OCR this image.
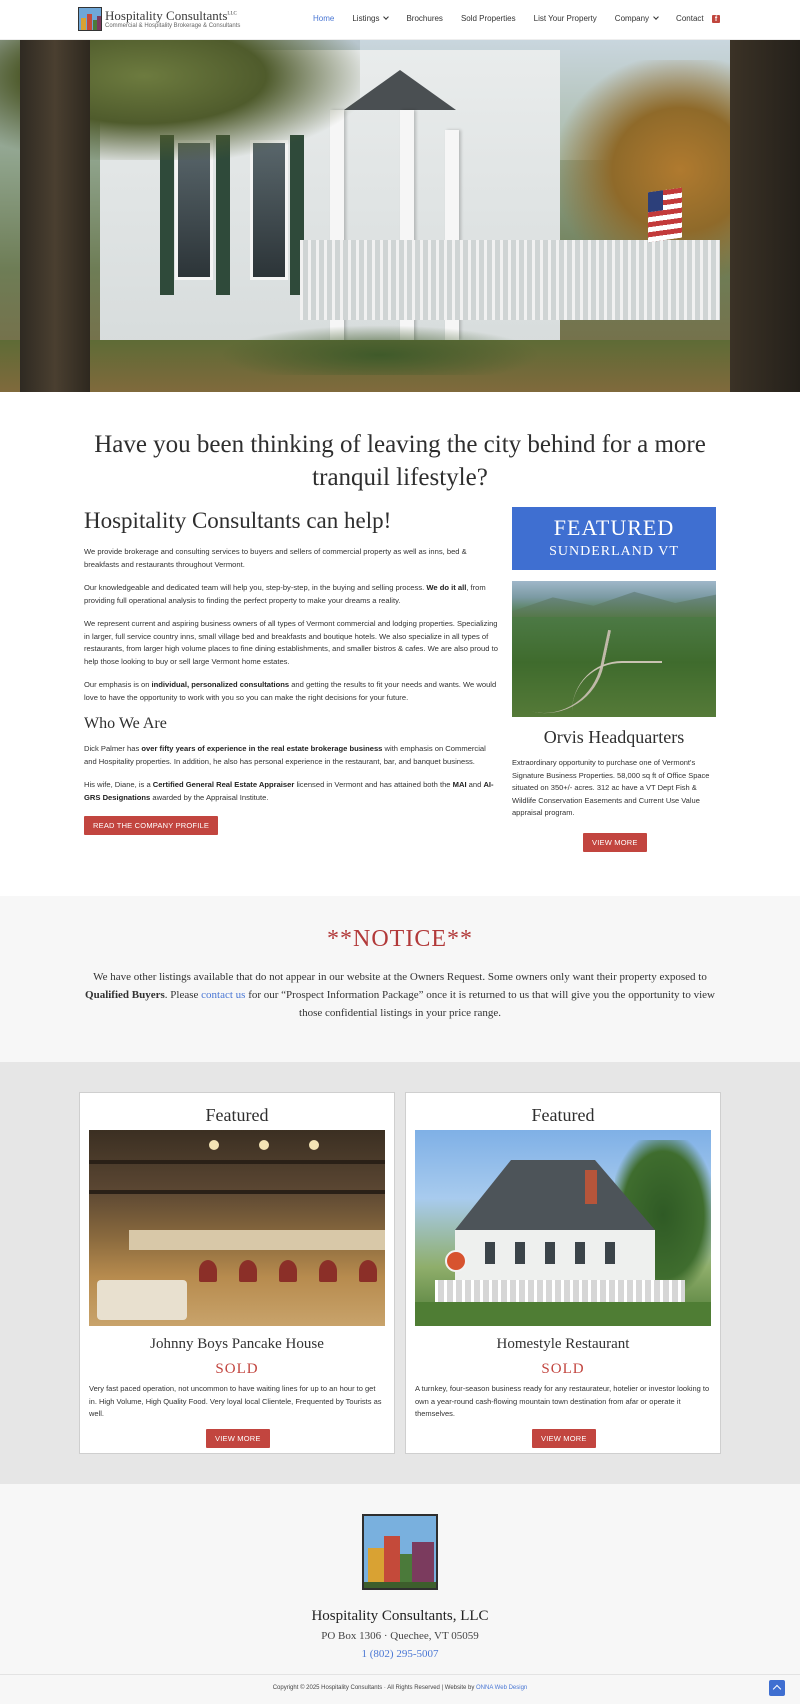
Hospitality Consultants$^{LLC}$
Commercial & Hospitality Brokerage & Consultants
Home Listings	Brochures Sold Properties List Your Property Company	Contact	f
Have you been thinking of leaving the city behind for a more tranquil lifestyle?
Hospitality Consultants can help!

We provide brokerage and consulting services to buyers and sellers of commercial property as well as inns, bed & breakfasts and restaurants throughout Vermont.

Our knowledgeable and dedicated team will help you, step-by-step, in the buying and selling process. We do it all, from providing full operational analysis to finding the perfect property to make your dreams a reality.

We represent current and aspiring business owners of all types of Vermont commercial and lodging properties. Specializing in larger, full service country inns, small village bed and breakfasts and boutique hotels. We also specialize in all types of restaurants, from larger high volume places to fine dining establishments, and smaller bistros & cafes. We are also proud to help those looking to buy or sell large Vermont home estates.

Our emphasis is on individual, personalized consultations and getting the results to fit your needs and wants. We would love to have the opportunity to work with you so you can make the right decisions for your future.

Who We Are

Dick Palmer has over fifty years of experience in the real estate brokerage business with emphasis on Commercial and Hospitality properties. In addition, he also has personal experience in the restaurant, bar, and banquet business.

His wife, Diane, is a Certified General Real Estate Appraiser licensed in Vermont and has attained both the MAI and AI-GRS Designations awarded by the Appraisal Institute.

READ THE COMPANY PROFILE
FEATURED
SUNDERLAND VT
Orvis Headquarters
Extraordinary opportunity to purchase one of Vermont's Signature Business Properties. 58,000 sq ft of Office Space situated on 350+/- acres. 312 ac have a VT Dept Fish & Wildlife Conservation Easements and Current Use Value appraisal program.
VIEW MORE
**NOTICE**

We have other listings available that do not appear in our website at the Owners Request. Some owners only want their property exposed to Qualified Buyers. Please contact us for our “Prospect Information Package” once it is returned to us that will give you the opportunity to view those confidential listings in your price range.

Featured
Johnny Boys Pancake House
SOLD
Very fast paced operation, not uncommon to have waiting lines for up to an hour to get in. High Volume, High Quality Food. Very loyal local Clientele, Frequented by Tourists as well.
VIEW MORE
Featured
Homestyle Restaurant
SOLD
A turnkey, four-season business ready for any restaurateur, hotelier or investor looking to own a year-round cash-flowing mountain town destination from afar or operate it themselves.
VIEW MORE
Hospitality Consultants, LLC
PO Box 1306 · Quechee, VT 05059
1 (802) 295-5007
Copyright © 2025 Hospitality Consultants · All Rights Reserved | Website by ONNA Web Design
